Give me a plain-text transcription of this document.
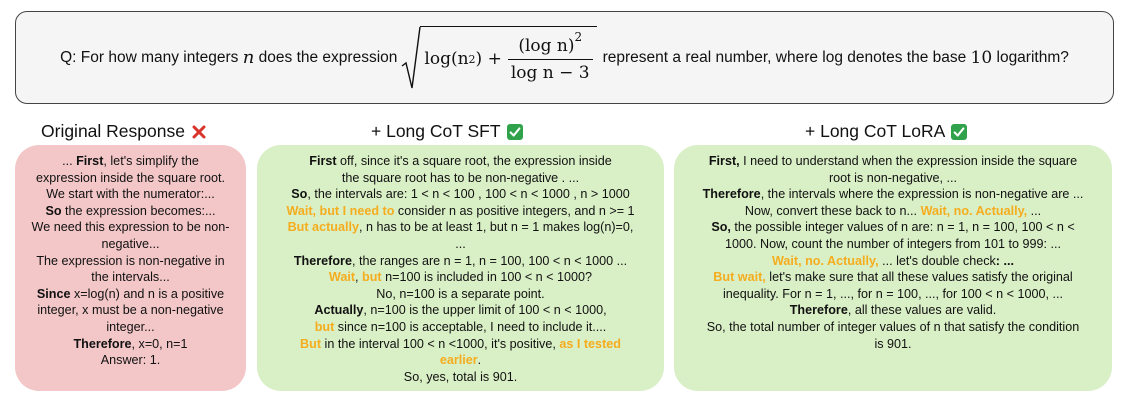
Q: For how many integers
n
does the expression log(n 2 )
+ $\frac{(\log n)^2}{\text{log n − 3}}$ represent a real number, where log denotes the base
10
logarithm?
Original Response	+ Long CoT SFT	+ Long CoT LoRA
... First, let's simplify the
expression inside the square root.
We start with the numerator:...
So the expression becomes:...
We need this expression to be non-
negative...
The expression is non-negative in
the intervals...
Since x=log(n) and n is a positive
integer, x must be a non-negative
integer...
Therefore, x=0, n=1
Answer: 1.
First off, since it's a square root, the expression inside
the square root has to be non-negative . ...
So, the intervals are: 1 < n < 100 , 100 < n < 1000 , n > 1000
Wait, but I need to consider n as positive integers, and n >= 1
But actually, n has to be at least 1, but n = 1 makes log(n)=0,
...
Therefore, the ranges are n = 1, n = 100, 100 < n < 1000 ...
Wait, but n=100 is included in 100 < n < 1000?
No, n=100 is a separate point.
Actually, n=100 is the upper limit of 100 < n < 1000,
but since n=100 is acceptable, I need to include it....
But in the interval 100 < n <1000, it's positive, as I tested
earlier.
So, yes, total is 901.
First, I need to understand when the expression inside the square
root is non-negative, ...
Therefore, the intervals where the expression is non-negative are ...
Now, convert these back to n... Wait, no. Actually, ...
So, the possible integer values of n are: n = 1, n = 100, 100 < n <
1000. Now, count the number of integers from 101 to 999: ...
Wait, no. Actually, ... let's double check: ...
But wait, let's make sure that all these values satisfy the original
inequality. For n = 1, ..., for n = 100, ..., for 100 < n < 1000, ...
Therefore, all these values are valid.
So, the total number of integer values of n that satisfy the condition
is 901.
